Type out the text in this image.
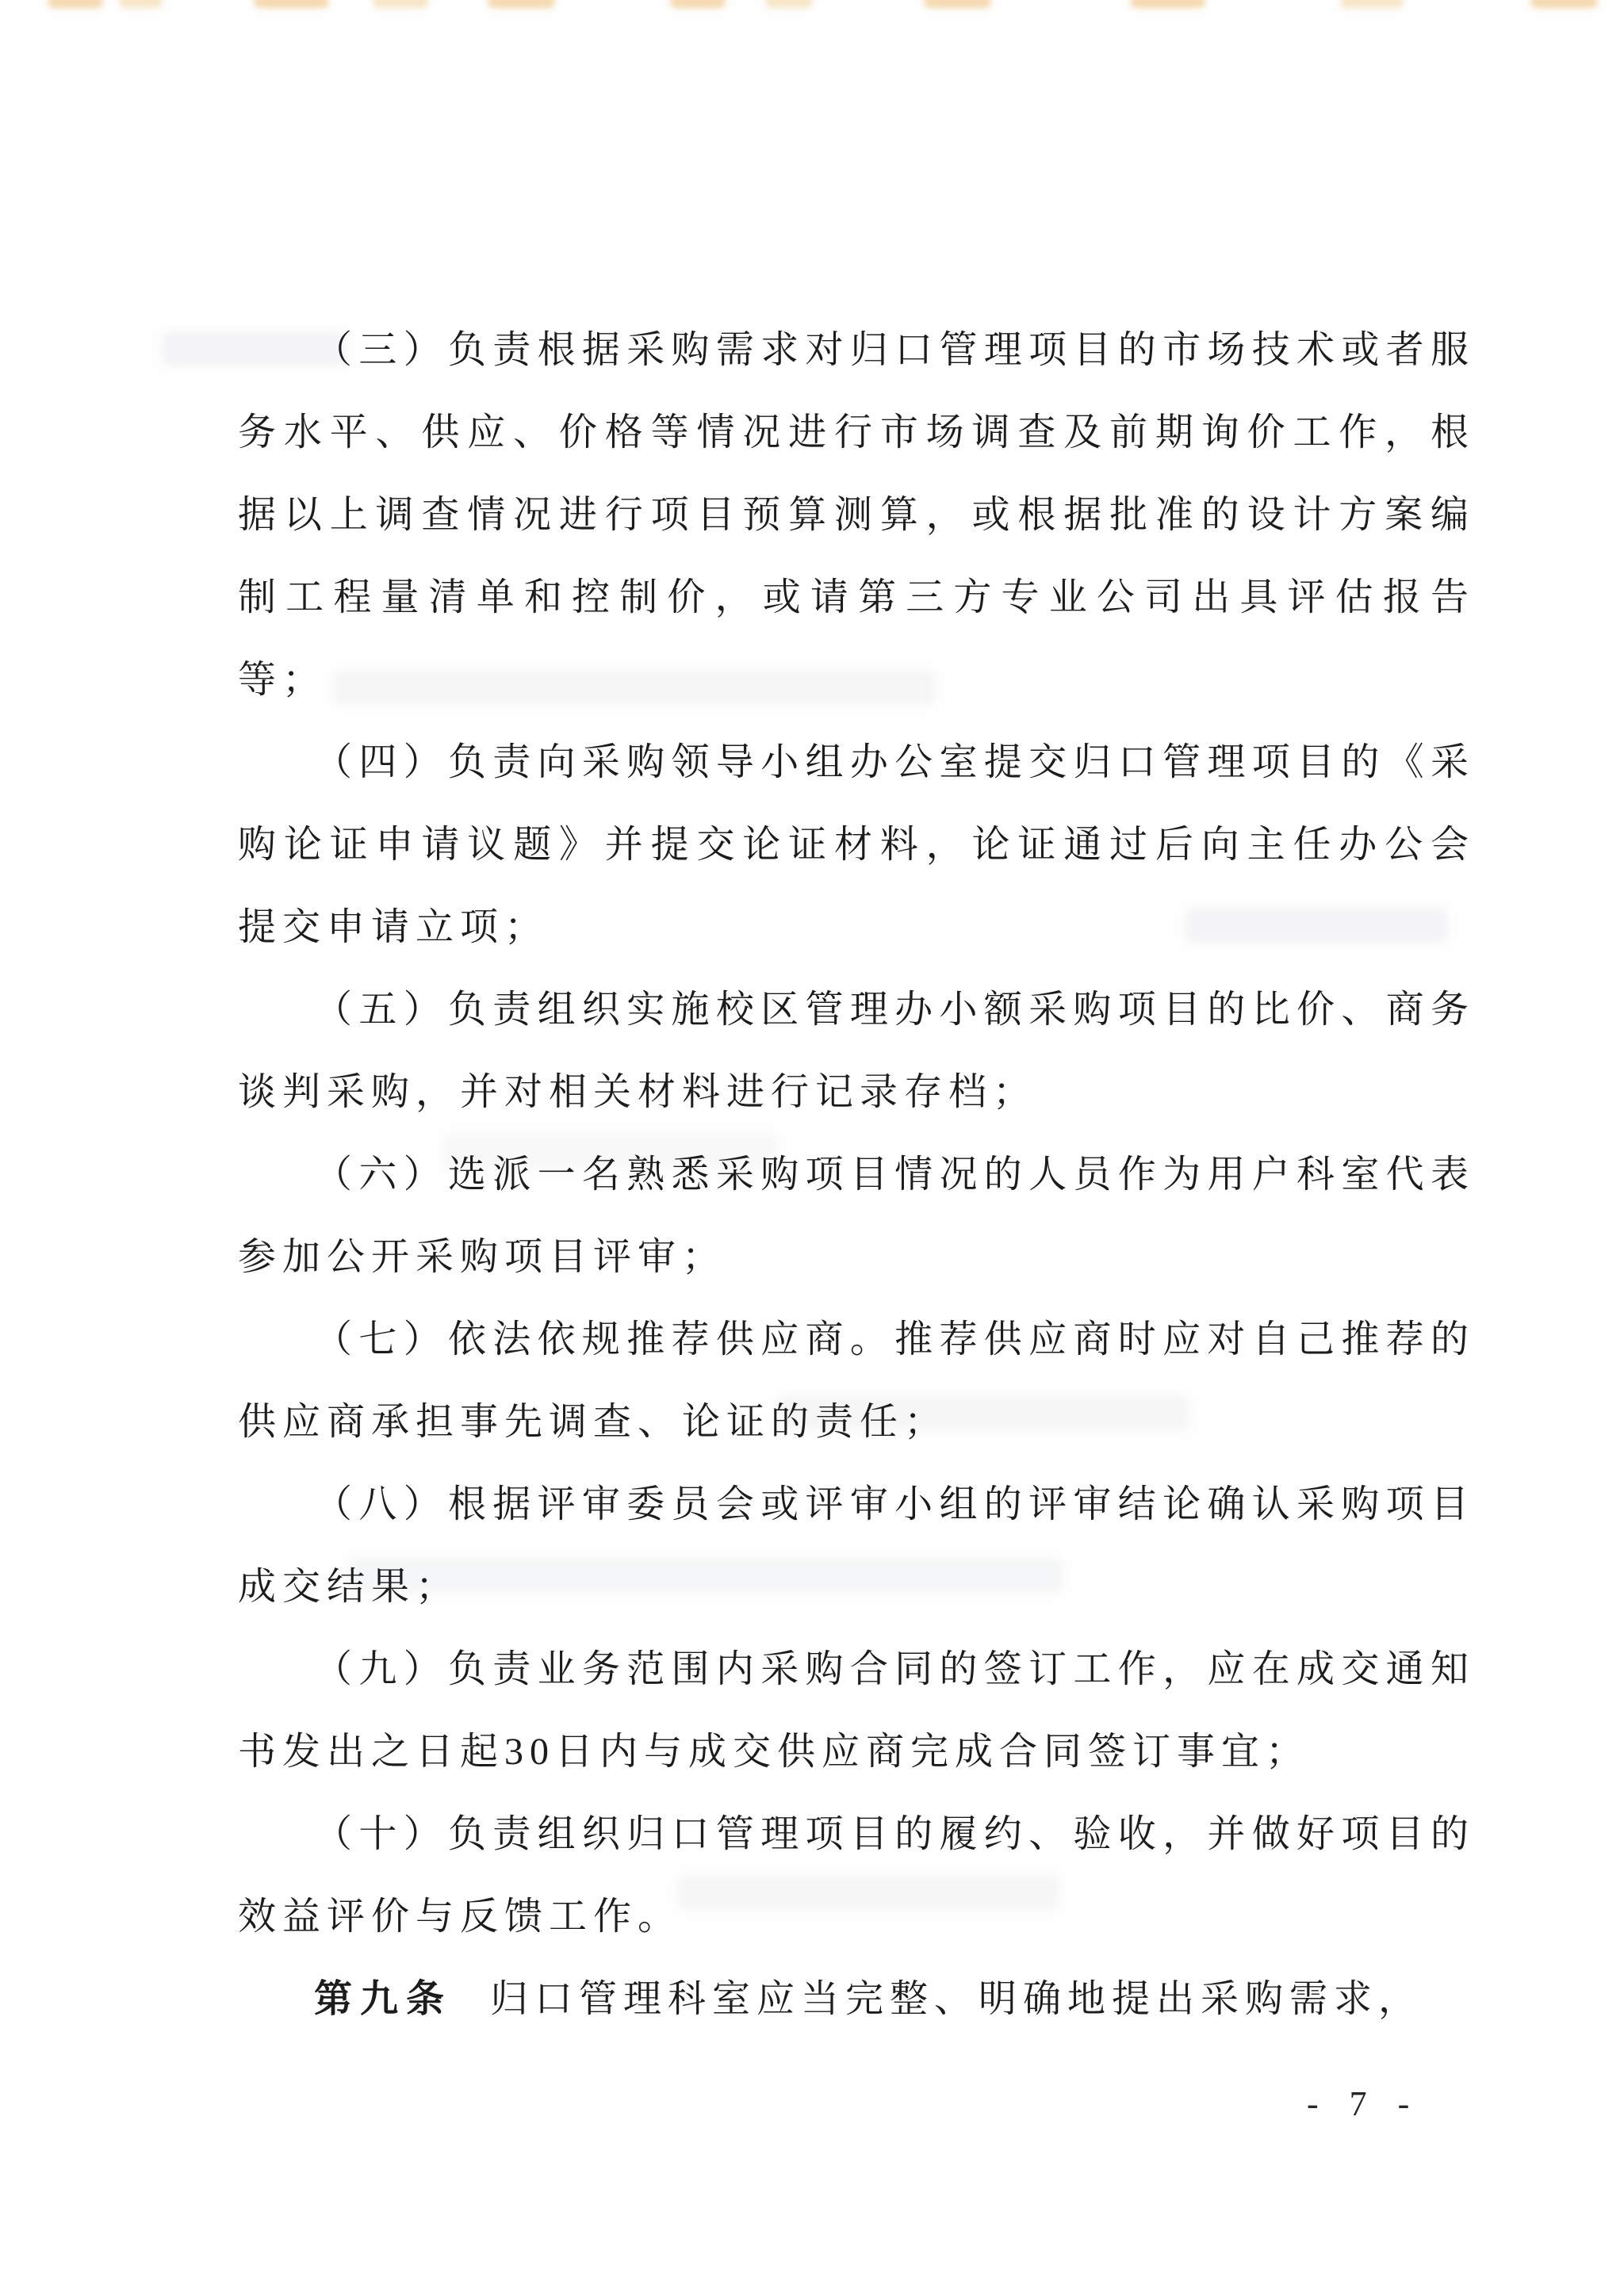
（三）负责根据采购需求对归口管理项目的市场技术或者服务水平、供应、价格等情况进行市场调查及前期询价工作，根据以上调查情况进行项目预算测算，或根据批准的设计方案编制工程量清单和控制价，或请第三方专业公司出具评估报告等；

（四）负责向采购领导小组办公室提交归口管理项目的《采购论证申请议题》并提交论证材料，论证通过后向主任办公会提交申请立项；

（五）负责组织实施校区管理办小额采购项目的比价、商务谈判采购，并对相关材料进行记录存档；

（六）选派一名熟悉采购项目情况的人员作为用户科室代表参加公开采购项目评审；

（七）依法依规推荐供应商。推荐供应商时应对自己推荐的供应商承担事先调查、论证的责任；

（八）根据评审委员会或评审小组的评审结论确认采购项目成交结果；

（九）负责业务范围内采购合同的签订工作，应在成交通知书发出之日起30日内与成交供应商完成合同签订事宜；

（十）负责组织归口管理项目的履约、验收，并做好项目的效益评价与反馈工作。

第九条 归口管理科室应当完整、明确地提出采购需求，

- 7 -
